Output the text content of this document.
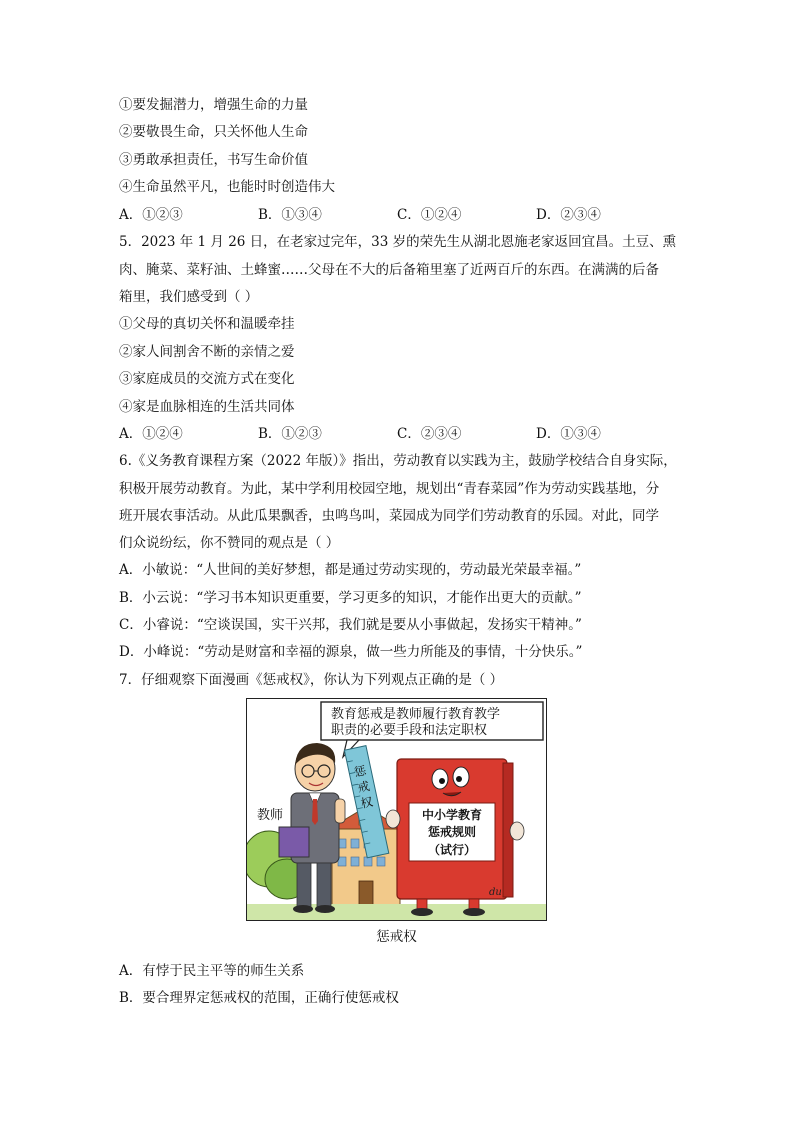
①要发掘潜力，增强生命的力量
②要敬畏生命，只关怀他人生命
③勇敢承担责任，书写生命价值
④生命虽然平凡，也能时时创造伟大
A．①②③	B．①③④	C．①②④	D．②③④
5．2023 年 1 月 26 日，在老家过完年，33 岁的荣先生从湖北恩施老家返回宜昌。土豆、熏
肉、腌菜、菜籽油、土蜂蜜……父母在不大的后备箱里塞了近两百斤的东西。在满满的后备
箱里，我们感受到（ ）
①父母的真切关怀和温暖牵挂
②家人间割舍不断的亲情之爱
③家庭成员的交流方式在变化
④家是血脉相连的生活共同体
A．①②④	B．①②③	C．②③④	D．①③④
6.《义务教育课程方案（2022 年版）》指出，劳动教育以实践为主，鼓励学校结合自身实际，
积极开展劳动教育。为此，某中学利用校园空地，规划出“青春菜园”作为劳动实践基地，分
班开展农事活动。从此瓜果飘香，虫鸣鸟叫，菜园成为同学们劳动教育的乐园。对此，同学
们众说纷纭，你不赞同的观点是（ ）
A．小敏说：“人世间的美好梦想，都是通过劳动实现的，劳动最光荣最幸福。”
B．小云说：“学习书本知识更重要，学习更多的知识，才能作出更大的贡献。”
C．小睿说：“空谈误国，实干兴邦，我们就是要从小事做起，发扬实干精神。”
D．小峰说：“劳动是财富和幸福的源泉，做一些力所能及的事情，十分快乐。”
7．仔细观察下面漫画《惩戒权》，你认为下列观点正确的是（ ）
教育惩戒是教师履行教育教学
职责的必要手段和法定职权
教师
惩
戒
权
中小学教育
惩戒规则
（试行）
du
惩戒权
A．有悖于民主平等的师生关系
B．要合理界定惩戒权的范围，正确行使惩戒权
